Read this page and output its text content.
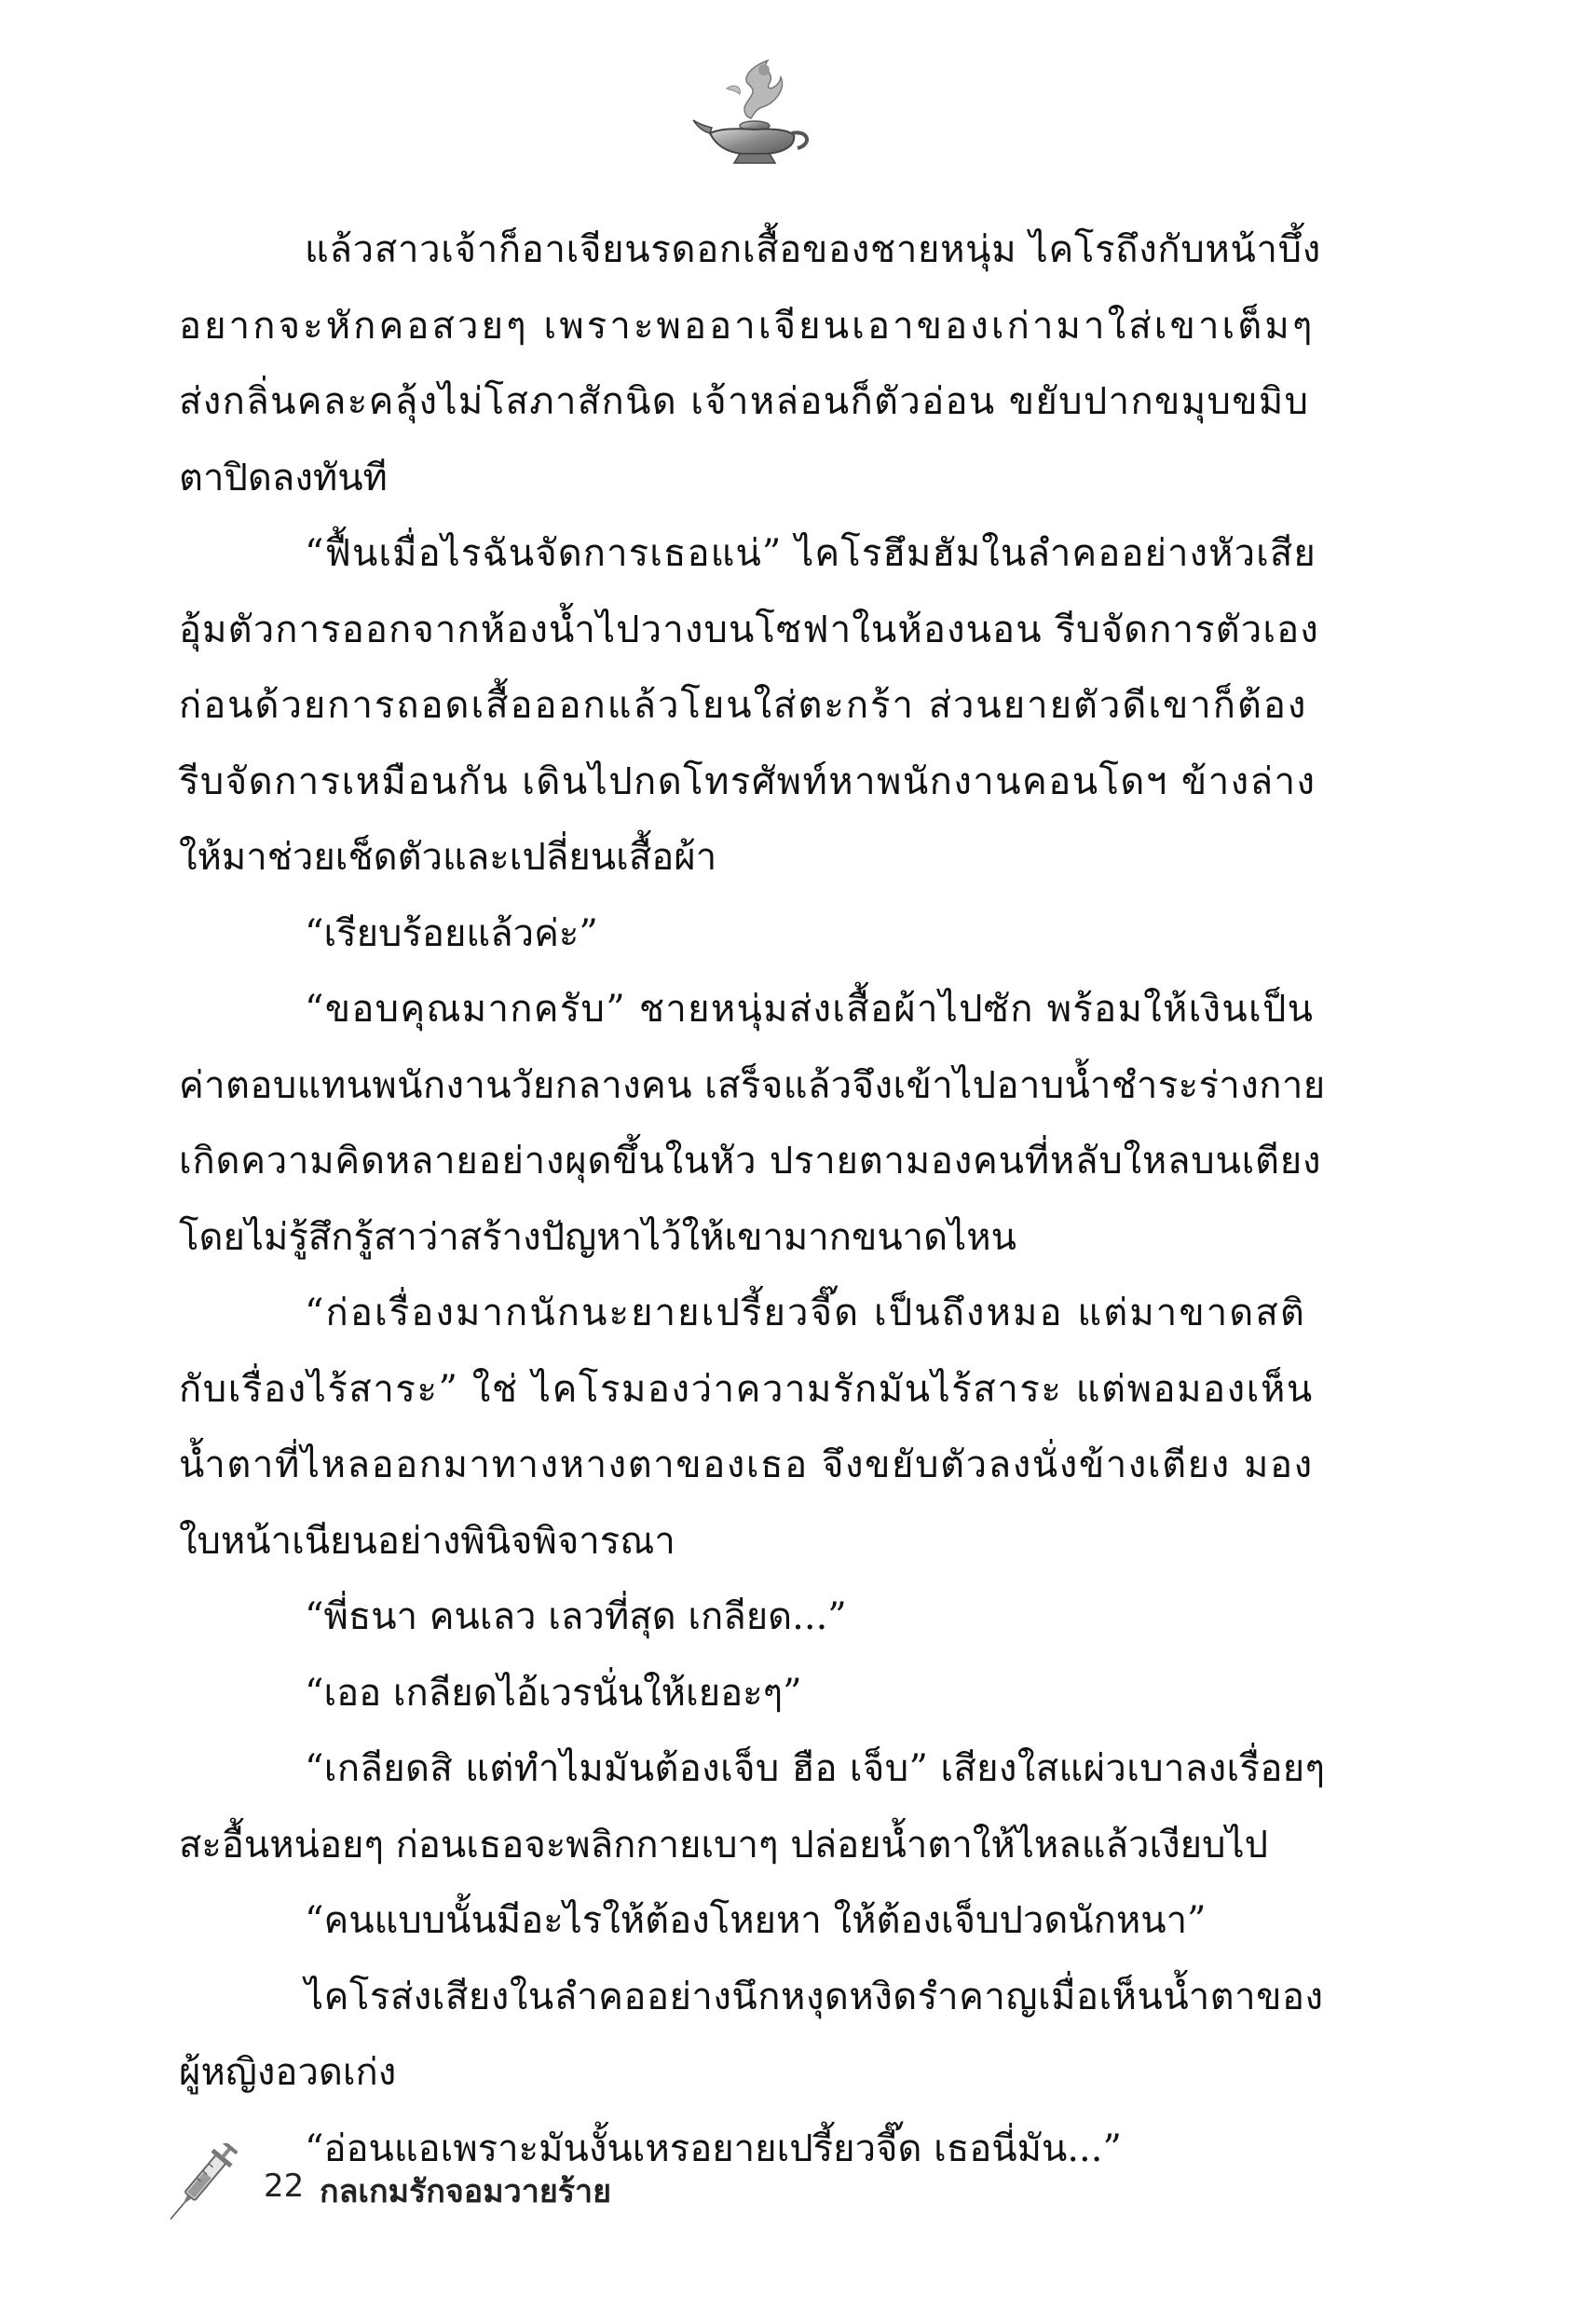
แล้วสาวเจ้าก็อาเจียนรดอกเสื้อของชายหนุ่ม ไคโรถึงกับหน้าบึ้ง
อยากจะหักคอสวยๆ เพราะพออาเจียนเอาของเก่ามาใส่เขาเต็มๆ
ส่งกลิ่นคละคลุ้งไม่โสภาสักนิด เจ้าหล่อนก็ตัวอ่อน ขยับปากขมุบขมิบ
ตาปิดลงทันที

“ฟื้นเมื่อไรฉันจัดการเธอแน่” ไคโรฮึมฮัมในลำคออย่างหัวเสีย
อุ้มตัวการออกจากห้องน้ำไปวางบนโซฟาในห้องนอน รีบจัดการตัวเอง
ก่อนด้วยการถอดเสื้อออกแล้วโยนใส่ตะกร้า ส่วนยายตัวดีเขาก็ต้อง
รีบจัดการเหมือนกัน เดินไปกดโทรศัพท์หาพนักงานคอนโดฯ ข้างล่าง
ให้มาช่วยเช็ดตัวและเปลี่ยนเสื้อผ้า

“เรียบร้อยแล้วค่ะ”

“ขอบคุณมากครับ” ชายหนุ่มส่งเสื้อผ้าไปซัก พร้อมให้เงินเป็น
ค่าตอบแทนพนักงานวัยกลางคน เสร็จแล้วจึงเข้าไปอาบน้ำชำระร่างกาย
เกิดความคิดหลายอย่างผุดขึ้นในหัว ปรายตามองคนที่หลับใหลบนเตียง
โดยไม่รู้สึกรู้สาว่าสร้างปัญหาไว้ให้เขามากขนาดไหน

“ก่อเรื่องมากนักนะยายเปรี้ยวจี๊ด เป็นถึงหมอ แต่มาขาดสติ
กับเรื่องไร้สาระ” ใช่ ไคโรมองว่าความรักมันไร้สาระ แต่พอมองเห็น
น้ำตาที่ไหลออกมาทางหางตาของเธอ จึงขยับตัวลงนั่งข้างเตียง มอง
ใบหน้าเนียนอย่างพินิจพิจารณา

“พี่ธนา คนเลว เลวที่สุด เกลียด...”

“เออ เกลียดไอ้เวรนั่นให้เยอะๆ”

“เกลียดสิ แต่ทำไมมันต้องเจ็บ ฮือ เจ็บ” เสียงใสแผ่วเบาลงเรื่อยๆ
สะอื้นหน่อยๆ ก่อนเธอจะพลิกกายเบาๆ ปล่อยน้ำตาให้ไหลแล้วเงียบไป

“คนแบบนั้นมีอะไรให้ต้องโหยหา ให้ต้องเจ็บปวดนักหนา”

ไคโรส่งเสียงในลำคออย่างนึกหงุดหงิดรำคาญเมื่อเห็นน้ำตาของ
ผู้หญิงอวดเก่ง

“อ่อนแอเพราะมันงั้นเหรอยายเปรี้ยวจี๊ด เธอนี่มัน...”

22 กลเกมรักจอมวายร้าย
